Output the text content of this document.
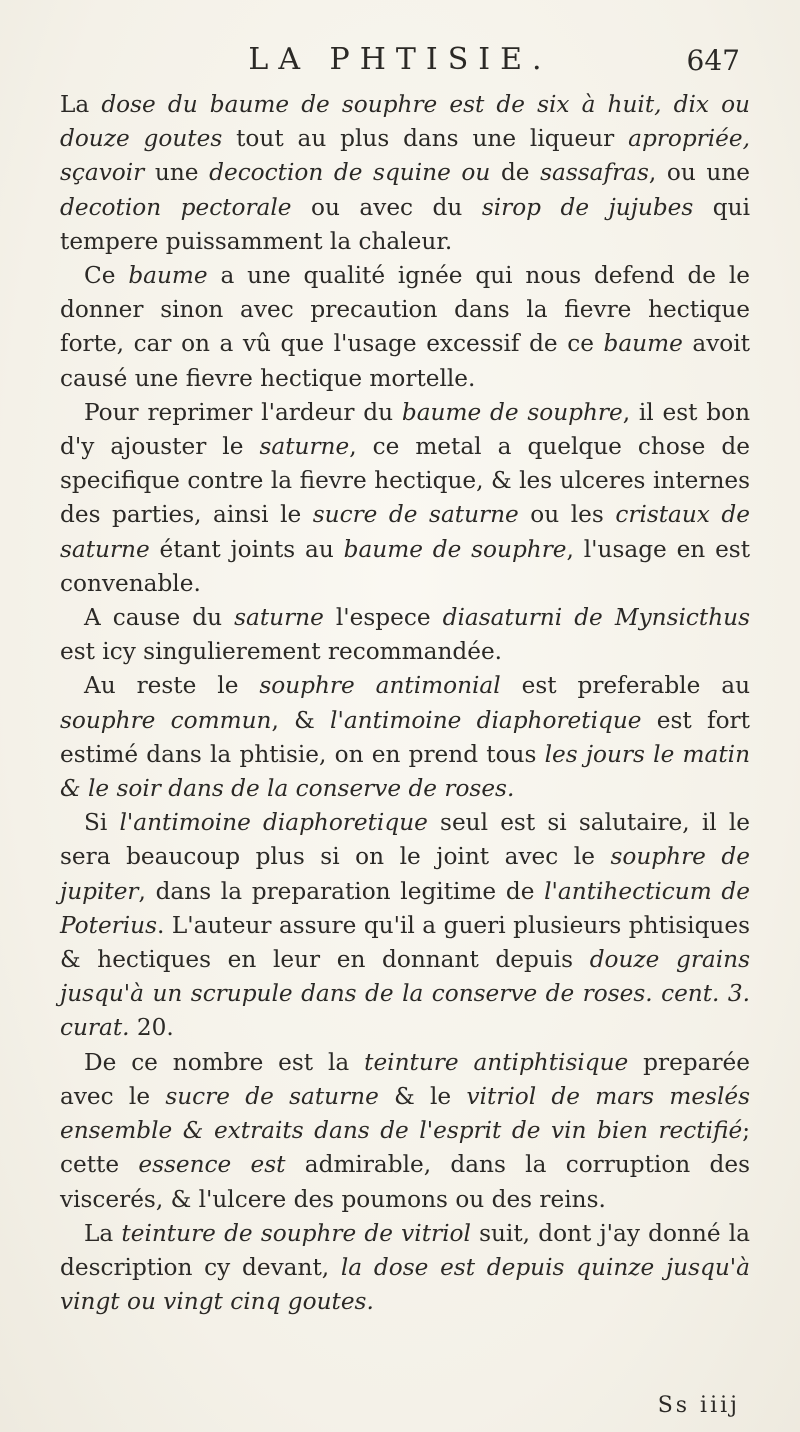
LA PHTISIE.	647

La dose du baume de souphre est de six à huit, dix ou douze goutes tout au plus dans une liqueur apropriée, sçavoir une decoction de squine ou de sassafras, ou une decotion pectorale ou avec du sirop de jujubes qui tempere puissamment la chaleur.

Ce baume a une qualité ignée qui nous defend de le donner sinon avec precaution dans la fievre hectique forte, car on a vû que l'usage excessif de ce baume avoit causé une fievre hectique mortelle.

Pour reprimer l'ardeur du baume de souphre, il est bon d'y ajouster le saturne, ce metal a quelque chose de specifique contre la fievre hectique, & les ulceres internes des parties, ainsi le sucre de saturne ou les cristaux de saturne étant joints au baume de souphre, l'usage en est convenable.

A cause du saturne l'espece diasaturni de Mynsicthus est icy singulierement recommandée.

Au reste le souphre antimonial est preferable au souphre commun, & l'antimoine diaphoretique est fort estimé dans la phtisie, on en prend tous les jours le matin & le soir dans de la conserve de roses.

Si l'antimoine diaphoretique seul est si salutaire, il le sera beaucoup plus si on le joint avec le souphre de jupiter, dans la preparation legitime de l'antihecticum de Poterius. L'auteur assure qu'il a gueri plusieurs phtisiques & hectiques en leur en donnant depuis douze grains jusqu'à un scrupule dans de la conserve de roses. cent. 3. curat. 20.

De ce nombre est la teinture antiphtisique preparée avec le sucre de saturne & le vitriol de mars meslés ensemble & extraits dans de l'esprit de vin bien rectifié; cette essence est admirable, dans la corruption des viscerés, & l'ulcere des poumons ou des reins.

La teinture de souphre de vitriol suit, dont j'ay donné la description cy devant, la dose est depuis quinze jusqu'à vingt ou vingt cinq goutes.

Ss iiij
